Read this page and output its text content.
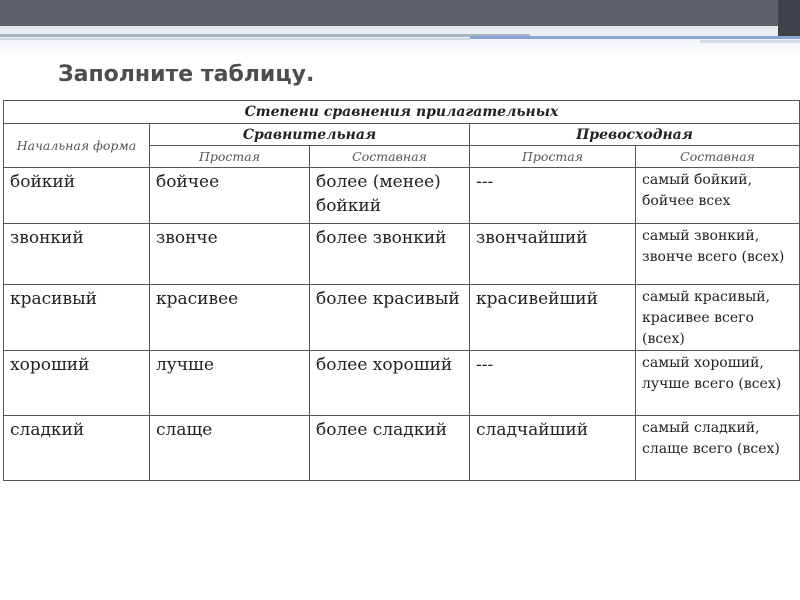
Заполните таблицу.
Степени сравнения прилагательных				
Начальная форма	Сравнительная		Превосходная	
	Простая	Составная	Простая	Составная
бойкий	бойчее	более (менее) бойкий	---	самый бойкий, бойчее всех
звонкий	звонче	более звонкий	звончайший	самый звонкий, звонче всего (всех)
красивый	красивее	более красивый	красивейший	самый красивый, красивее всего (всех)
хороший	лучше	более хороший	---	самый хороший, лучше всего (всех)
сладкий	слаще	более сладкий	сладчайший	самый сладкий, слаще всего (всех)
